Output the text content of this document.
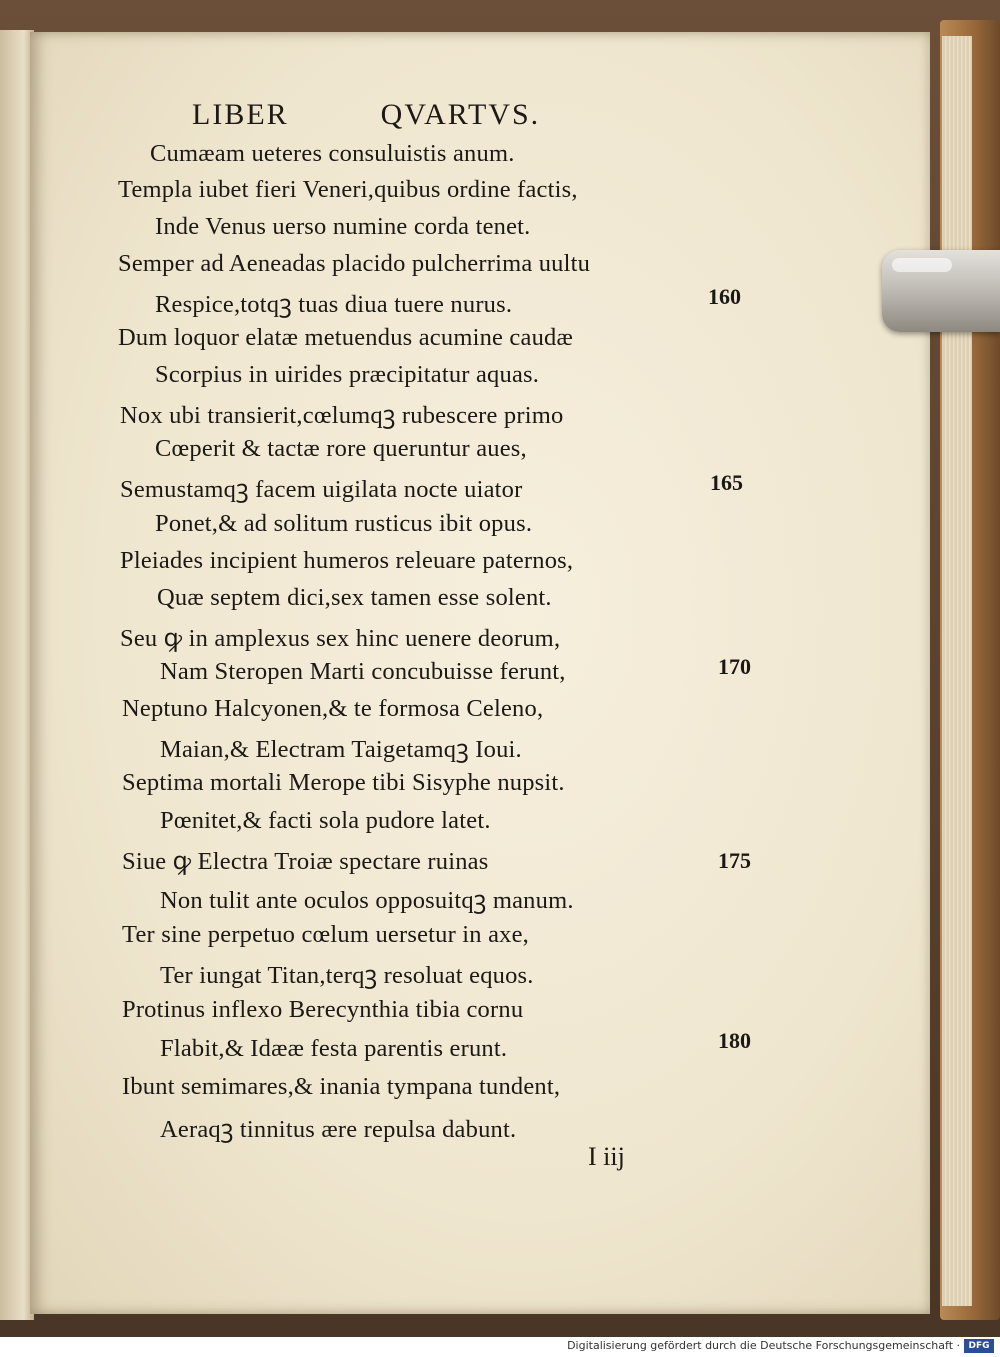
LIBER	QVARTVS.
Cumæam ueteres consuluistis anum.
Templa iubet fieri Veneri,quibus ordine factis,
Inde Venus uerso numine corda tenet.
Semper ad Aeneadas placido pulcherrima uultu
Respice,totqꝫ tuas diua tuere nurus.
Dum loquor elatæ metuendus acumine caudæ
Scorpius in uirides præcipitatur aquas.
Nox ubi transierit,cœlumqꝫ rubescere primo
Cœperit & tactæ rore queruntur aues,
Semustamqꝫ facem uigilata nocte uiator
Ponet,& ad solitum rusticus ibit opus.
Pleiades incipient humeros releuare paternos,
Quæ septem dici,sex tamen esse solent.
Seu ꝙ in amplexus sex hinc uenere deorum,
Nam Steropen Marti concubuisse ferunt,
Neptuno Halcyonen,& te formosa Celeno,
Maian,& Electram Taigetamqꝫ Ioui.
Septima mortali Merope tibi Sisyphe nupsit.
Pœnitet,& facti sola pudore latet.
Siue ꝙ Electra Troiæ spectare ruinas
Non tulit ante oculos opposuitqꝫ manum.
Ter sine perpetuo cœlum uersetur in axe,
Ter iungat Titan,terqꝫ resoluat equos.
Protinus inflexo Berecynthia tibia cornu
Flabit,& Idææ festa parentis erunt.
Ibunt semimares,& inania tympana tundent,
Aeraqꝫ tinnitus ære repulsa dabunt.
160
165
170
175
180
I iij
Digitalisierung gefördert durch die Deutsche Forschungsgemeinschaft · DFG
